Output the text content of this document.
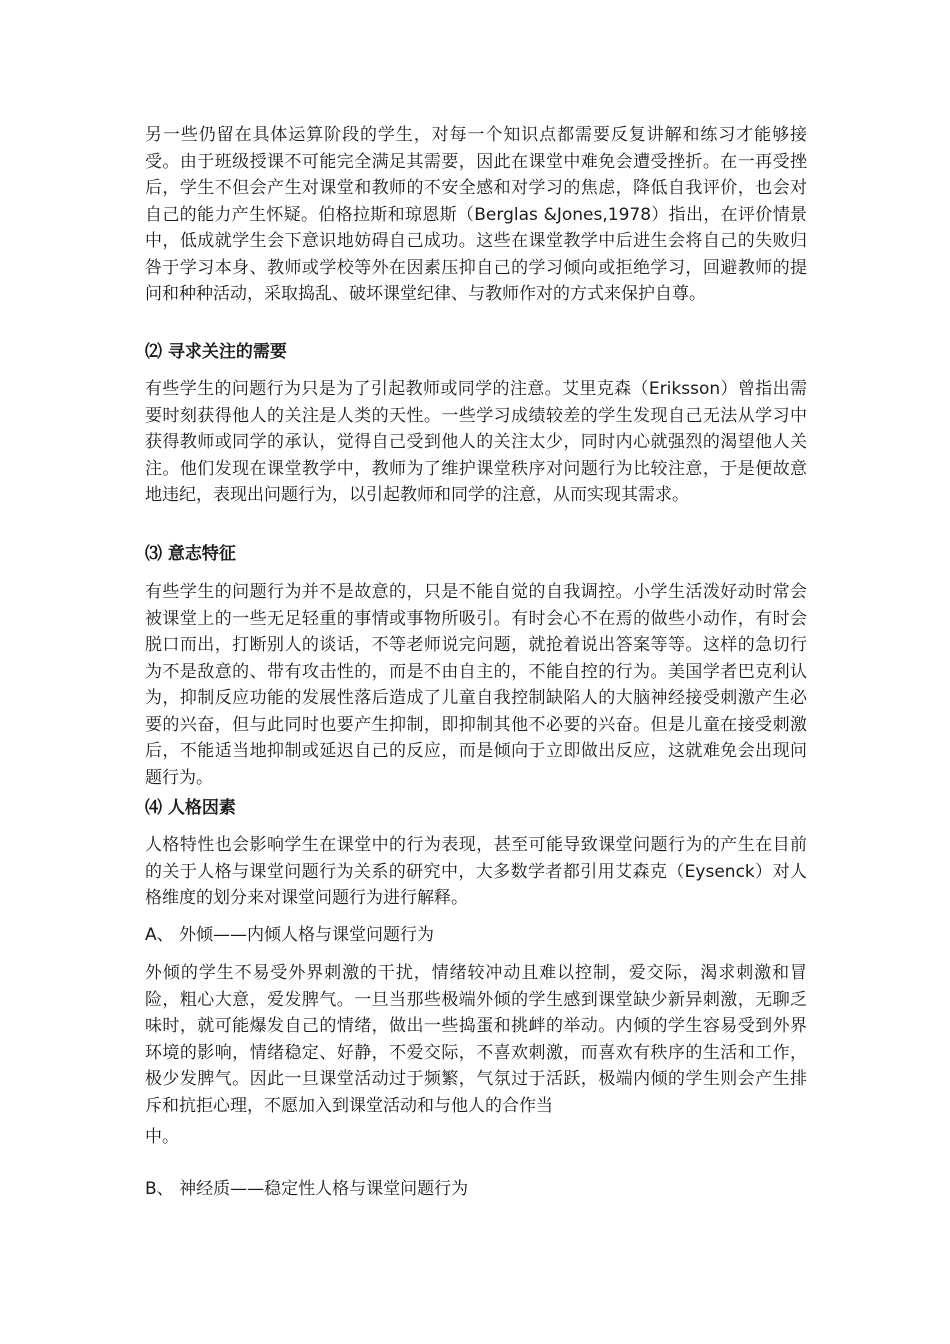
另一些仍留在具体运算阶段的学生，对每一个知识点都需要反复讲解和练习才能够接受。由于班级授课不可能完全满足其需要，因此在课堂中难免会遭受挫折。在一再受挫后，学生不但会产生对课堂和教师的不安全感和对学习的焦虑，降低自我评价，也会对自己的能力产生怀疑。伯格拉斯和琼恩斯（Berglas &Jones,1978）指出，在评价情景中，低成就学生会下意识地妨碍自己成功。这些在课堂教学中后进生会将自己的失败归咎于学习本身、教师或学校等外在因素压抑自己的学习倾向或拒绝学习，回避教师的提问和种种活动，采取捣乱、破坏课堂纪律、与教师作对的方式来保护自尊。

⑵ 寻求关注的需要

有些学生的问题行为只是为了引起教师或同学的注意。艾里克森（Eriksson）曾指出需要时刻获得他人的关注是人类的天性。一些学习成绩较差的学生发现自己无法从学习中获得教师或同学的承认，觉得自己受到他人的关注太少，同时内心就强烈的渴望他人关注。他们发现在课堂教学中，教师为了维护课堂秩序对问题行为比较注意，于是便故意地违纪，表现出问题行为，以引起教师和同学的注意，从而实现其需求。

⑶ 意志特征

有些学生的问题行为并不是故意的，只是不能自觉的自我调控。小学生活泼好动时常会被课堂上的一些无足轻重的事情或事物所吸引。有时会心不在焉的做些小动作，有时会脱口而出，打断别人的谈话，不等老师说完问题，就抢着说出答案等等。这样的急切行为不是敌意的、带有攻击性的，而是不由自主的，不能自控的行为。美国学者巴克利认为，抑制反应功能的发展性落后造成了儿童自我控制缺陷人的大脑神经接受刺激产生必要的兴奋，但与此同时也要产生抑制，即抑制其他不必要的兴奋。但是儿童在接受刺激后，不能适当地抑制或延迟自己的反应，而是倾向于立即做出反应，这就难免会出现问题行为。

⑷ 人格因素

人格特性也会影响学生在课堂中的行为表现，甚至可能导致课堂问题行为的产生在目前的关于人格与课堂问题行为关系的研究中，大多数学者都引用艾森克（Eysenck）对人格维度的划分来对课堂问题行为进行解释。

A、 外倾——内倾人格与课堂问题行为

外倾的学生不易受外界刺激的干扰，情绪较冲动且难以控制，爱交际，渴求刺激和冒险，粗心大意，爱发脾气。一旦当那些极端外倾的学生感到课堂缺少新异刺激，无聊乏味时，就可能爆发自己的情绪，做出一些捣蛋和挑衅的举动。内倾的学生容易受到外界环境的影响，情绪稳定、好静，不爱交际，不喜欢刺激，而喜欢有秩序的生活和工作，极少发脾气。因此一旦课堂活动过于频繁，气氛过于活跃，极端内倾的学生则会产生排斥和抗拒心理，不愿加入到课堂活动和与他人的合作当

中。

B、 神经质——稳定性人格与课堂问题行为
